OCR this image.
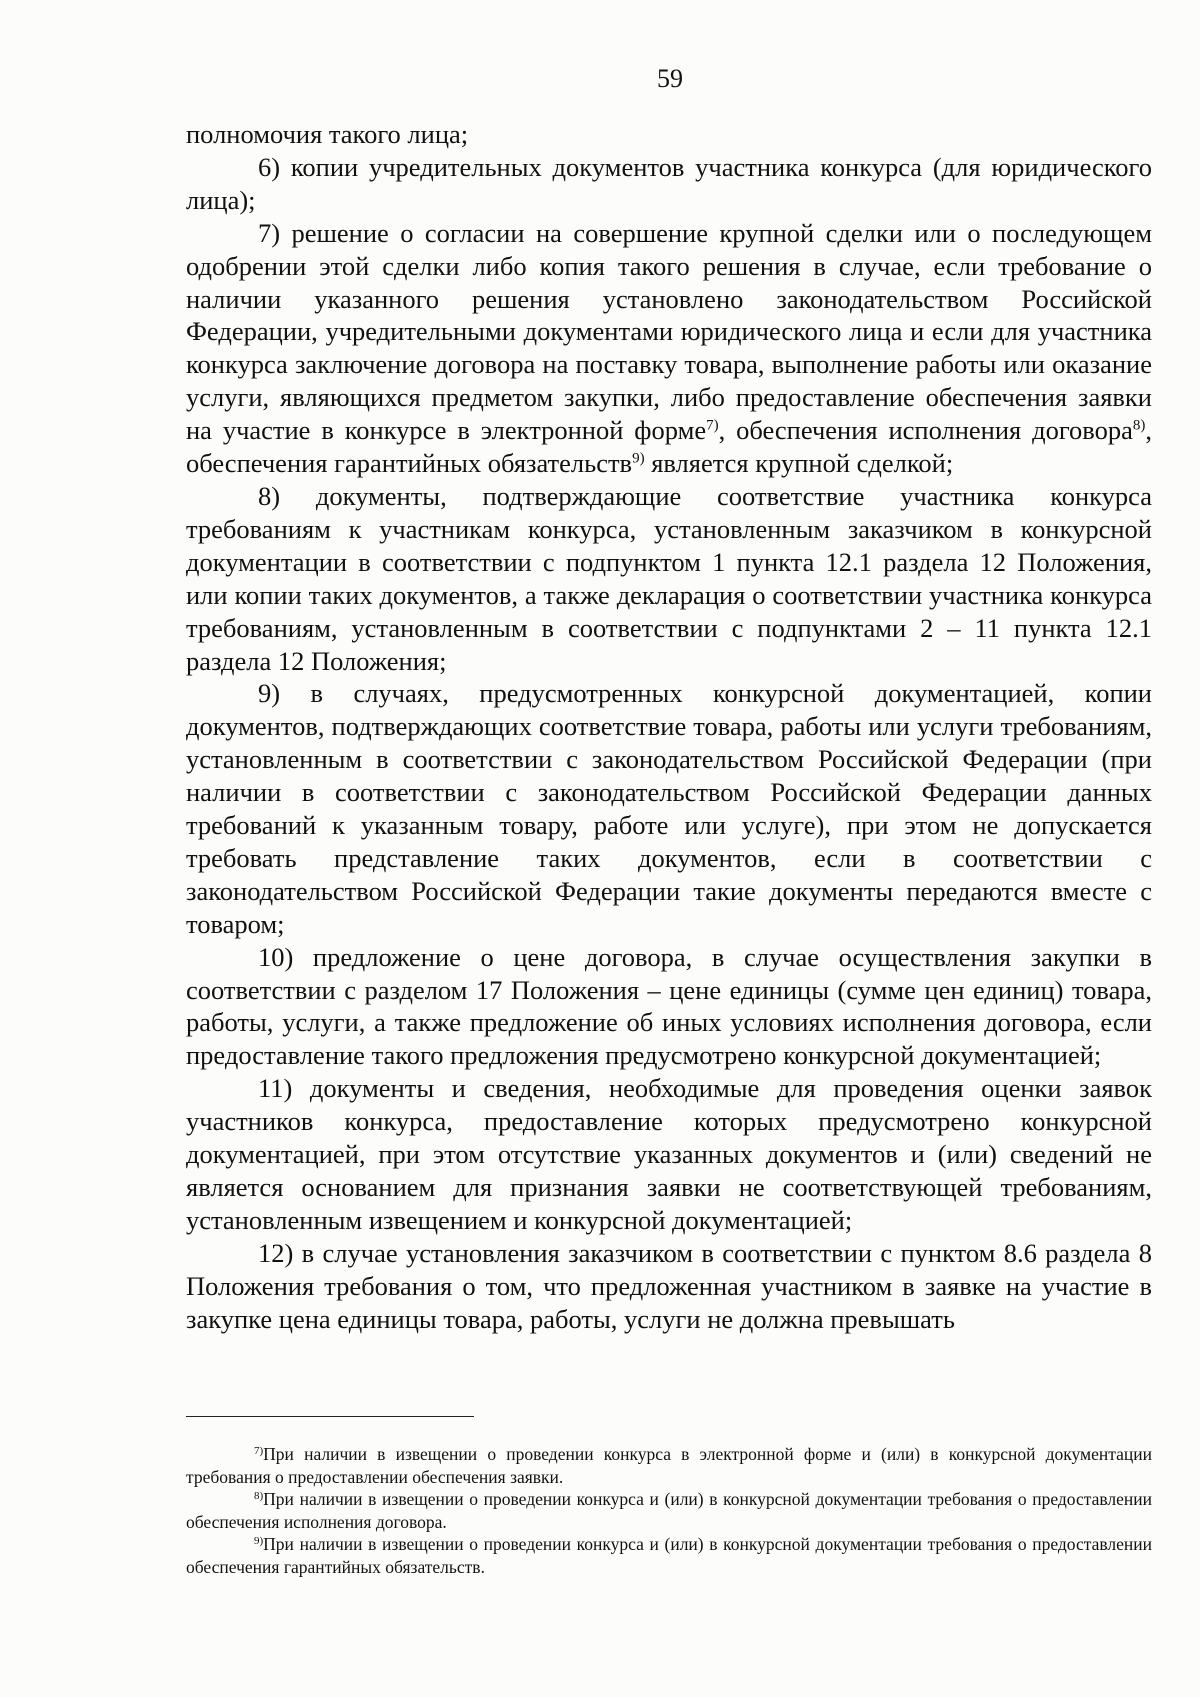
59

полномочия такого лица;

6) копии учредительных документов участника конкурса (для юридического лица);

7) решение о согласии на совершение крупной сделки или о последующем одобрении этой сделки либо копия такого решения в случае, если требование о наличии указанного решения установлено законодательством Российской Федерации, учредительными документами юридического лица и если для участника конкурса заключение договора на поставку товара, выполнение работы или оказание услуги, являющихся предметом закупки, либо предоставление обеспечения заявки на участие в конкурсе в электронной форме$^{7)}$, обеспечения исполнения договора$^{8)}$, обеспечения гарантийных обязательств$^{9)}$ является крупной сделкой;

8) документы, подтверждающие соответствие участника конкурса требованиям к участникам конкурса, установленным заказчиком в конкурсной документации в соответствии с подпунктом 1 пункта 12.1 раздела 12 Положения, или копии таких документов, а также декларация о соответствии участника конкурса требованиям, установленным в соответствии с подпунктами 2 – 11 пункта 12.1 раздела 12 Положения;

9) в случаях, предусмотренных конкурсной документацией, копии документов, подтверждающих соответствие товара, работы или услуги требованиям, установленным в соответствии с законодательством Российской Федерации (при наличии в соответствии с законодательством Российской Федерации данных требований к указанным товару, работе или услуге), при этом не допускается требовать представление таких документов, если в соответствии с законодательством Российской Федерации такие документы передаются вместе с товаром;

10) предложение о цене договора, в случае осуществления закупки в соответствии с разделом 17 Положения – цене единицы (сумме цен единиц) товара, работы, услуги, а также предложение об иных условиях исполнения договора, если предоставление такого предложения предусмотрено конкурсной документацией;

11) документы и сведения, необходимые для проведения оценки заявок участников конкурса, предоставление которых предусмотрено конкурсной документацией, при этом отсутствие указанных документов и (или) сведений не является основанием для признания заявки не соответствующей требованиям, установленным извещением и конкурсной документацией;

12) в случае установления заказчиком в соответствии с пунктом 8.6 раздела 8 Положения требования о том, что предложенная участником в заявке на участие в закупке цена единицы товара, работы, услуги не должна превышать

$^{7)}$При наличии в извещении о проведении конкурса в электронной форме и (или) в конкурсной документации требования о предоставлении обеспечения заявки.

$^{8)}$При наличии в извещении о проведении конкурса и (или) в конкурсной документации требования о предоставлении обеспечения исполнения договора.

$^{9)}$При наличии в извещении о проведении конкурса и (или) в конкурсной документации требования о предоставлении обеспечения гарантийных обязательств.
